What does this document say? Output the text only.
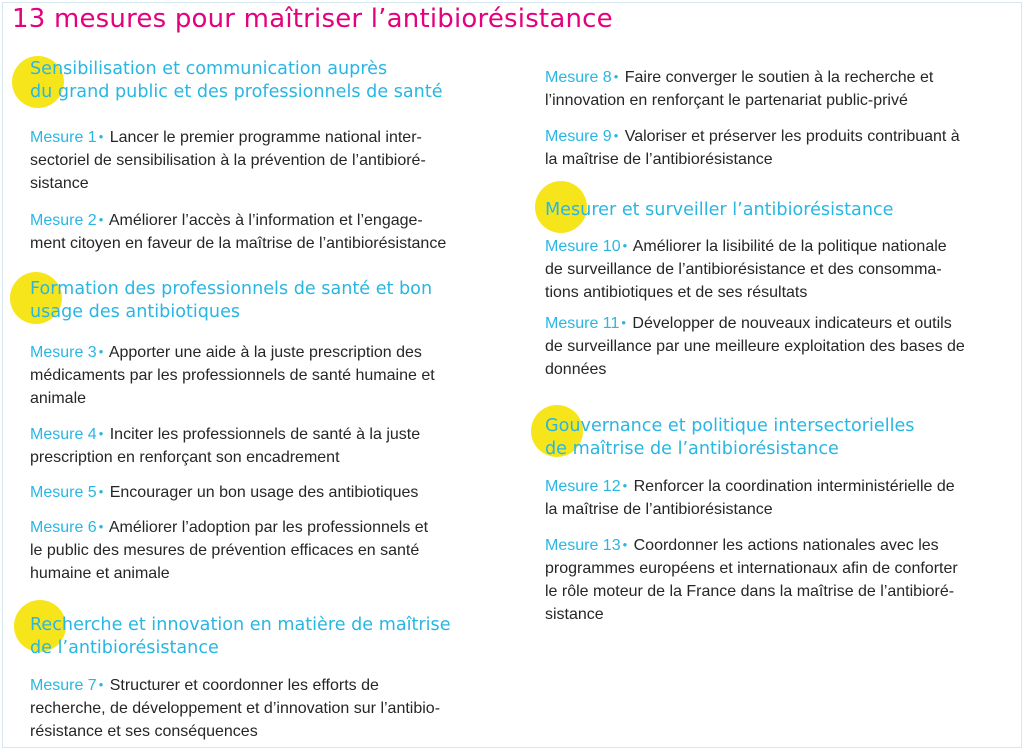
13 mesures pour maîtriser l’antibiorésistance
Sensibilisation et communication auprès
du grand public et des professionnels de santé
Mesure 1 • Lancer le premier programme national inter-
sectoriel de sensibilisation à la prévention de l’antibioré-
sistance
Mesure 2 • Améliorer l’accès à l’information et l’engage-
ment citoyen en faveur de la maîtrise de l’antibiorésistance
Formation des professionnels de santé et bon
usage des antibiotiques
Mesure 3 • Apporter une aide à la juste prescription des
médicaments par les professionnels de santé humaine et
animale
Mesure 4 • Inciter les professionnels de santé à la juste
prescription en renforçant son encadrement
Mesure 5 • Encourager un bon usage des antibiotiques
Mesure 6 • Améliorer l’adoption par les professionnels et
le public des mesures de prévention efficaces en santé
humaine et animale
Recherche et innovation en matière de maîtrise
de l’antibiorésistance
Mesure 7 • Structurer et coordonner les efforts de
recherche, de développement et d’innovation sur l’antibio-
résistance et ses conséquences
Mesure 8 • Faire converger le soutien à la recherche et
l’innovation en renforçant le partenariat public-privé
Mesure 9 • Valoriser et préserver les produits contribuant à
la maîtrise de l’antibiorésistance
Mesurer et surveiller l’antibiorésistance
Mesure 10 • Améliorer la lisibilité de la politique nationale
de surveillance de l’antibiorésistance et des consomma-
tions antibiotiques et de ses résultats
Mesure 11 • Développer de nouveaux indicateurs et outils
de surveillance par une meilleure exploitation des bases de
données
Gouvernance et politique intersectorielles
de maîtrise de l’antibiorésistance
Mesure 12 • Renforcer la coordination interministérielle de
la maîtrise de l’antibiorésistance
Mesure 13 • Coordonner les actions nationales avec les
programmes européens et internationaux afin de conforter
le rôle moteur de la France dans la maîtrise de l’antibioré-
sistance
